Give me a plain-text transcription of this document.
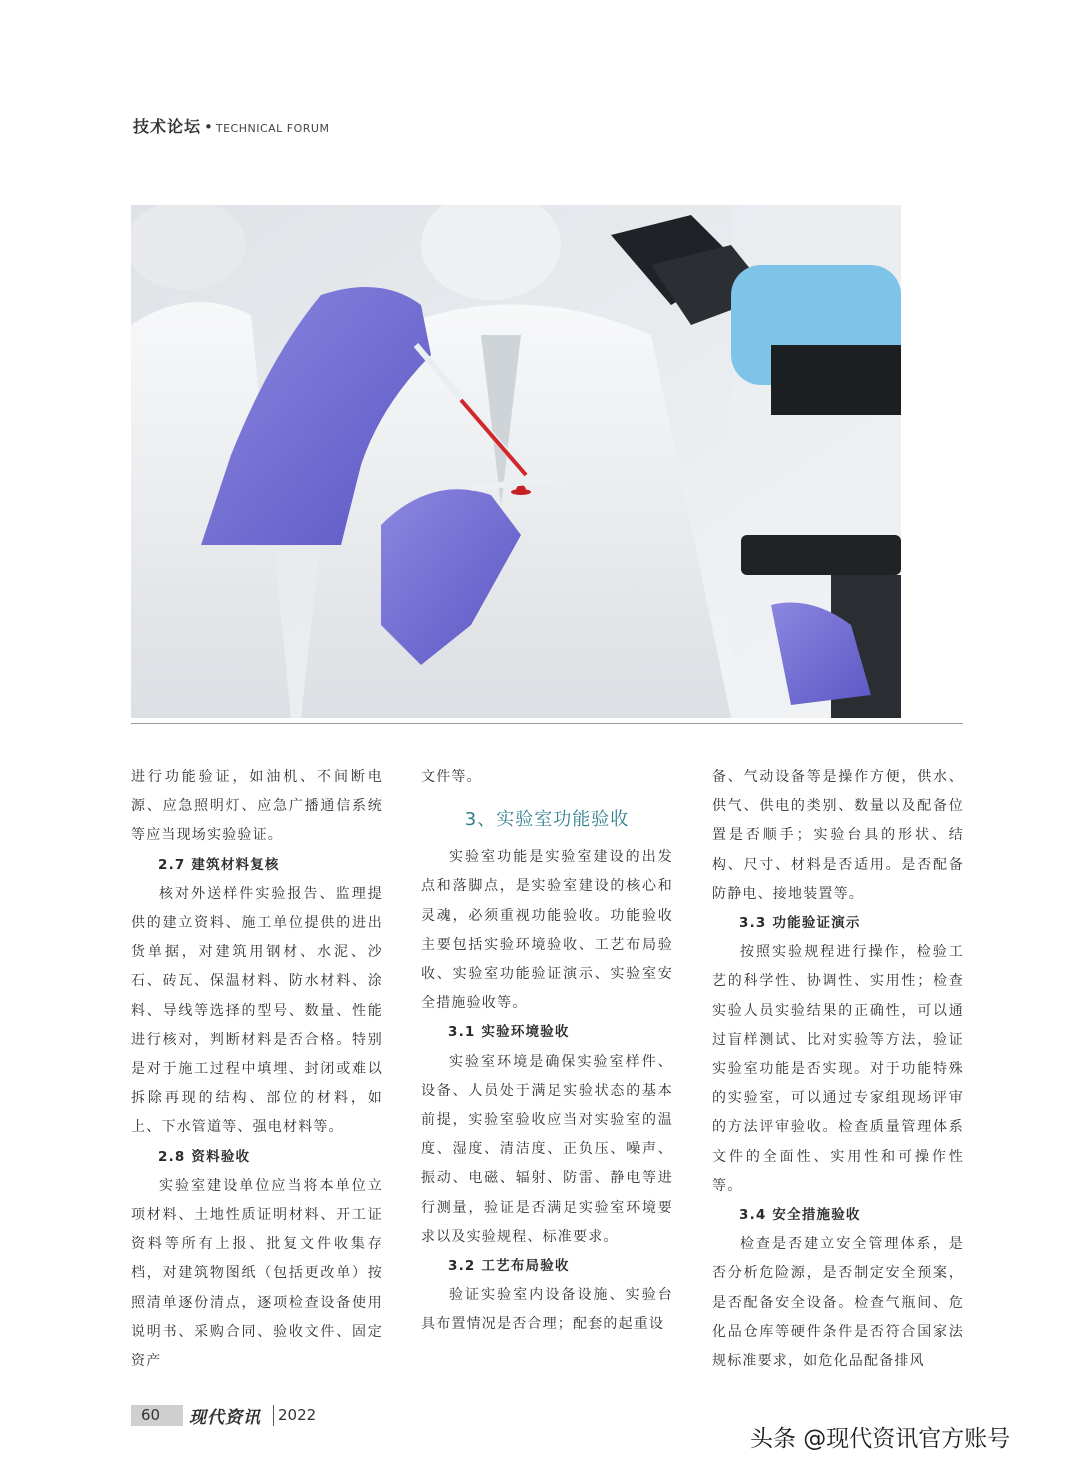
技术论坛 • TECHNICAL FORUM

进行功能验证，如油机、不间断电源、应急照明灯、应急广播通信系统等应当现场实验验证。

2.7 建筑材料复核

核对外送样件实验报告、监理提供的建立资料、施工单位提供的进出货单据，对建筑用钢材、水泥、沙石、砖瓦、保温材料、防水材料、涂料、导线等选择的型号、数量、性能进行核对，判断材料是否合格。特别是对于施工过程中填埋、封闭或难以拆除再现的结构、部位的材料，如上、下水管道等、强电材料等。

2.8 资料验收

实验室建设单位应当将本单位立项材料、土地性质证明材料、开工证资料等所有上报、批复文件收集存档，对建筑物图纸（包括更改单）按照清单逐份清点，逐项检查设备使用说明书、采购合同、验收文件、固定资产

文件等。

3、实验室功能验收

实验室功能是实验室建设的出发点和落脚点，是实验室建设的核心和灵魂，必须重视功能验收。功能验收主要包括实验环境验收、工艺布局验收、实验室功能验证演示、实验室安全措施验收等。

3.1 实验环境验收

实验室环境是确保实验室样件、设备、人员处于满足实验状态的基本前提，实验室验收应当对实验室的温度、湿度、清洁度、正负压、噪声、振动、电磁、辐射、防雷、静电等进行测量，验证是否满足实验室环境要求以及实验规程、标准要求。

3.2 工艺布局验收

验证实验室内设备设施、实验台具布置情况是否合理；配套的起重设

备、气动设备等是操作方便，供水、供气、供电的类别、数量以及配备位置是否顺手；实验台具的形状、结构、尺寸、材料是否适用。是否配备防静电、接地装置等。

3.3 功能验证演示

按照实验规程进行操作，检验工艺的科学性、协调性、实用性；检查实验人员实验结果的正确性，可以通过盲样测试、比对实验等方法，验证实验室功能是否实现。对于功能特殊的实验室，可以通过专家组现场评审的方法评审验收。检查质量管理体系文件的全面性、实用性和可操作性等。

3.4 安全措施验收

检查是否建立安全管理体系，是否分析危险源，是否制定安全预案，是否配备安全设备。检查气瓶间、危化品仓库等硬件条件是否符合国家法规标准要求，如危化品配备排风

60	现代资讯	2022
头条 @现代资讯官方账号
